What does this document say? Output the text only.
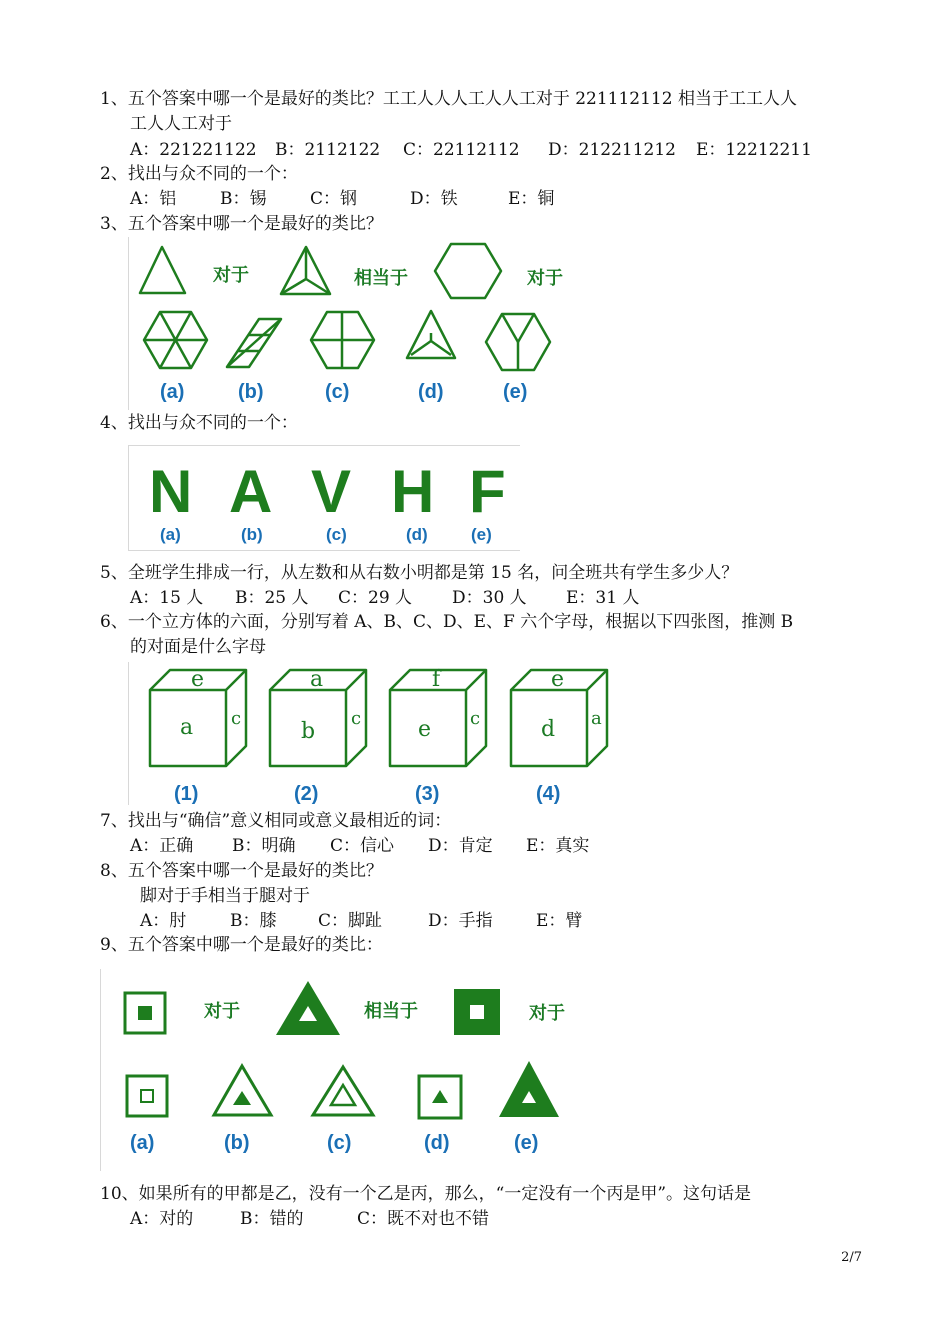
1、五个答案中哪一个是最好的类比？工工人人人工人人工对于 221112112 相当于工工人人
工人人工对于
A：221221122 B：2112122 C：22112112 D：212211212 E：12212211
2、找出与众不同的一个：
A：铝	B：锡	C：钢	D：铁	E：铜
3、五个答案中哪一个是最好的类比？
对于	相当于	对于
(a)	(b)	(c)	(d)	(e)
4、找出与众不同的一个：
N A V H F
(a)	(b)	(c)	(d)	(e)
5、全班学生排成一行，从左数和从右数小明都是第 15 名，问全班共有学生多少人？
A：15 人 B：25 人 C：29 人 D：30 人 E：31 人
6、一个立方体的六面，分别写着 A、B、C、D、E、F 六个字母，根据以下四张图，推测 B
的对面是什么字母
e
a c
a
b
c
f
e c
e
d a
(1)	(2)	(3)	(4)
7、找出与“确信”意义相同或意义最相近的词：
A：正确 B：明确 C：信心 D：肯定 E：真实
8、五个答案中哪一个是最好的类比？
脚对于手相当于腿对于
A：肘	B：膝 C：脚趾	D：手指	E：臂
9、五个答案中哪一个是最好的类比：
对于	相当于	对于
(a)	(b)	(c)	(d)	(e)
10、如果所有的甲都是乙，没有一个乙是丙，那么，“一定没有一个丙是甲”。这句话是
A：对的	B：错的	C：既不对也不错
2/7
